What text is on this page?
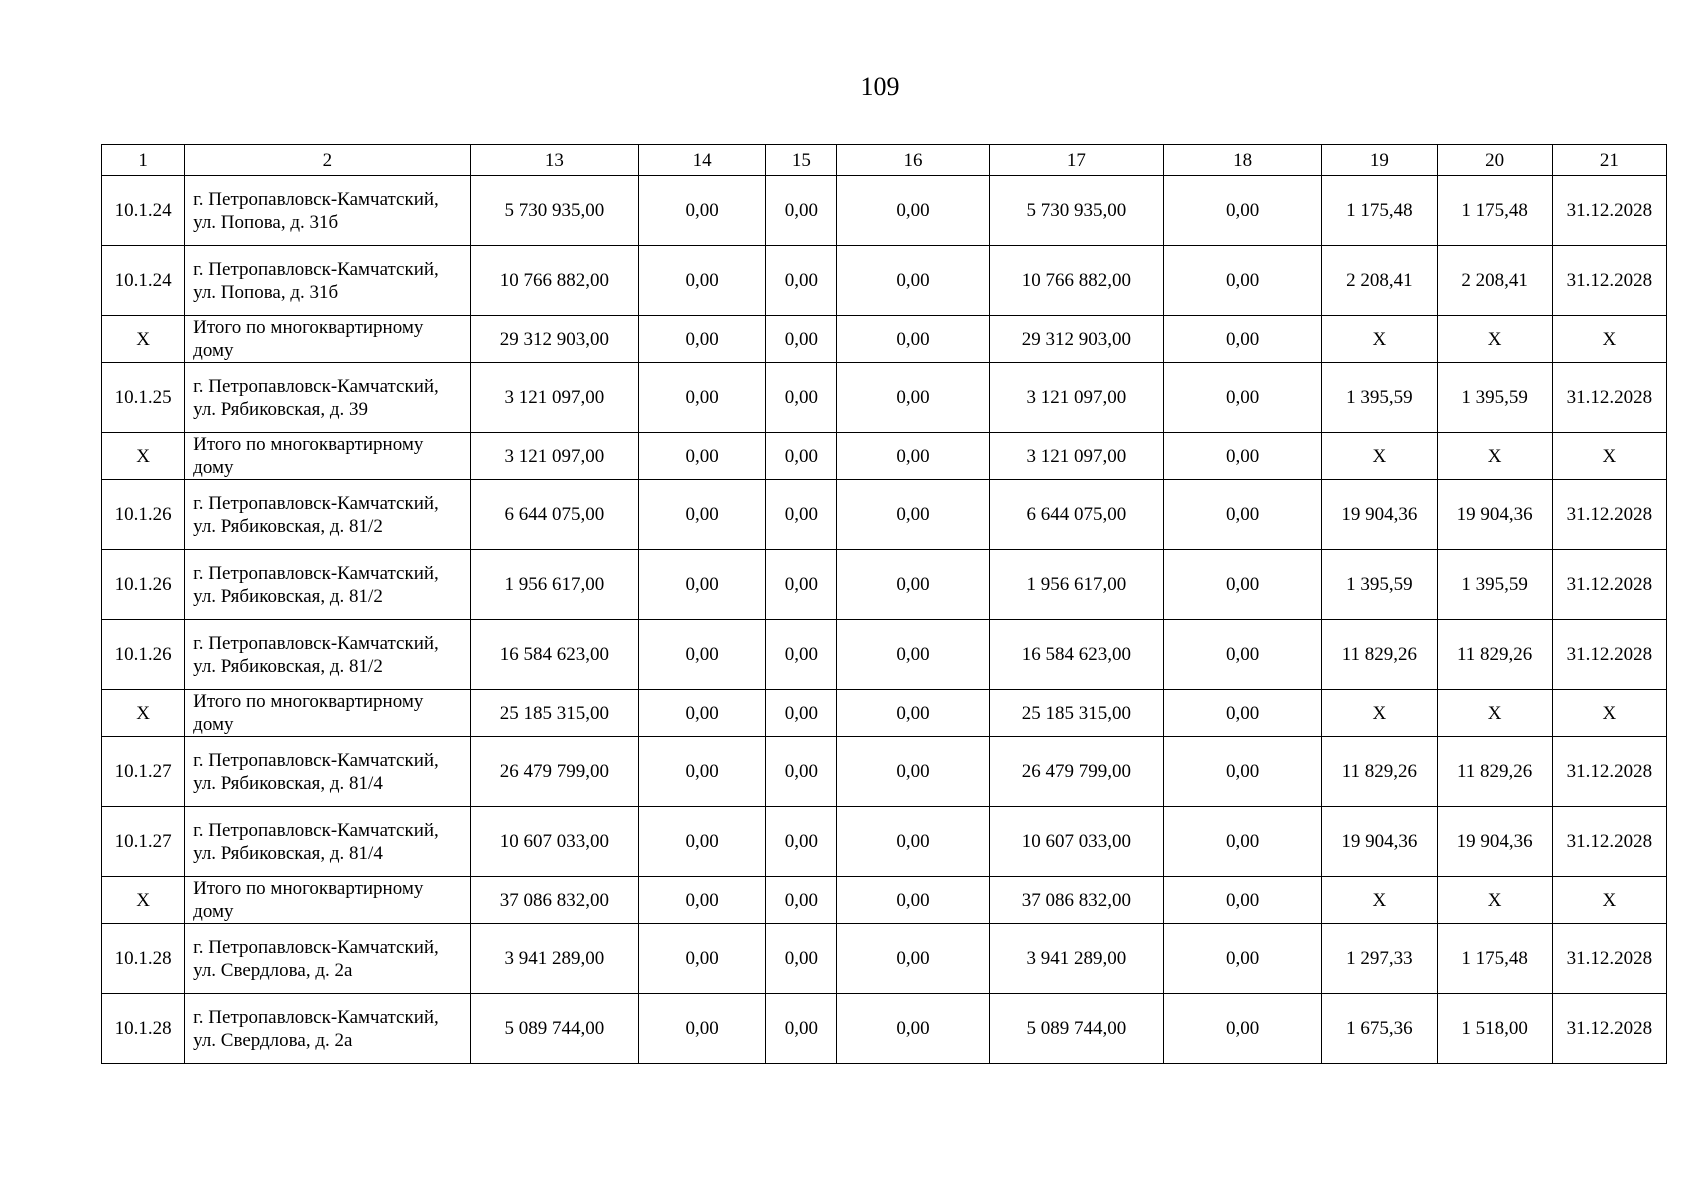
109
1	2	13	14	15	16	17	18	19	20	21
10.1.24	г. Петропавловск-Камчатский, ул. Попова, д. 31б	5 730 935,00	0,00	0,00	0,00	5 730 935,00	0,00	1 175,48	1 175,48	31.12.2028
10.1.24	г. Петропавловск-Камчатский, ул. Попова, д. 31б	10 766 882,00	0,00	0,00	0,00	10 766 882,00	0,00	2 208,41	2 208,41	31.12.2028
X	Итого по многоквартирному дому	29 312 903,00	0,00	0,00	0,00	29 312 903,00	0,00	X	X	X
10.1.25	г. Петропавловск-Камчатский, ул. Рябиковская, д. 39	3 121 097,00	0,00	0,00	0,00	3 121 097,00	0,00	1 395,59	1 395,59	31.12.2028
X	Итого по многоквартирному дому	3 121 097,00	0,00	0,00	0,00	3 121 097,00	0,00	X	X	X
10.1.26	г. Петропавловск-Камчатский, ул. Рябиковская, д. 81/2	6 644 075,00	0,00	0,00	0,00	6 644 075,00	0,00	19 904,36	19 904,36	31.12.2028
10.1.26	г. Петропавловск-Камчатский, ул. Рябиковская, д. 81/2	1 956 617,00	0,00	0,00	0,00	1 956 617,00	0,00	1 395,59	1 395,59	31.12.2028
10.1.26	г. Петропавловск-Камчатский, ул. Рябиковская, д. 81/2	16 584 623,00	0,00	0,00	0,00	16 584 623,00	0,00	11 829,26	11 829,26	31.12.2028
X	Итого по многоквартирному дому	25 185 315,00	0,00	0,00	0,00	25 185 315,00	0,00	X	X	X
10.1.27	г. Петропавловск-Камчатский, ул. Рябиковская, д. 81/4	26 479 799,00	0,00	0,00	0,00	26 479 799,00	0,00	11 829,26	11 829,26	31.12.2028
10.1.27	г. Петропавловск-Камчатский, ул. Рябиковская, д. 81/4	10 607 033,00	0,00	0,00	0,00	10 607 033,00	0,00	19 904,36	19 904,36	31.12.2028
X	Итого по многоквартирному дому	37 086 832,00	0,00	0,00	0,00	37 086 832,00	0,00	X	X	X
10.1.28	г. Петропавловск-Камчатский, ул. Свердлова, д. 2а	3 941 289,00	0,00	0,00	0,00	3 941 289,00	0,00	1 297,33	1 175,48	31.12.2028
10.1.28	г. Петропавловск-Камчатский, ул. Свердлова, д. 2а	5 089 744,00	0,00	0,00	0,00	5 089 744,00	0,00	1 675,36	1 518,00	31.12.2028
